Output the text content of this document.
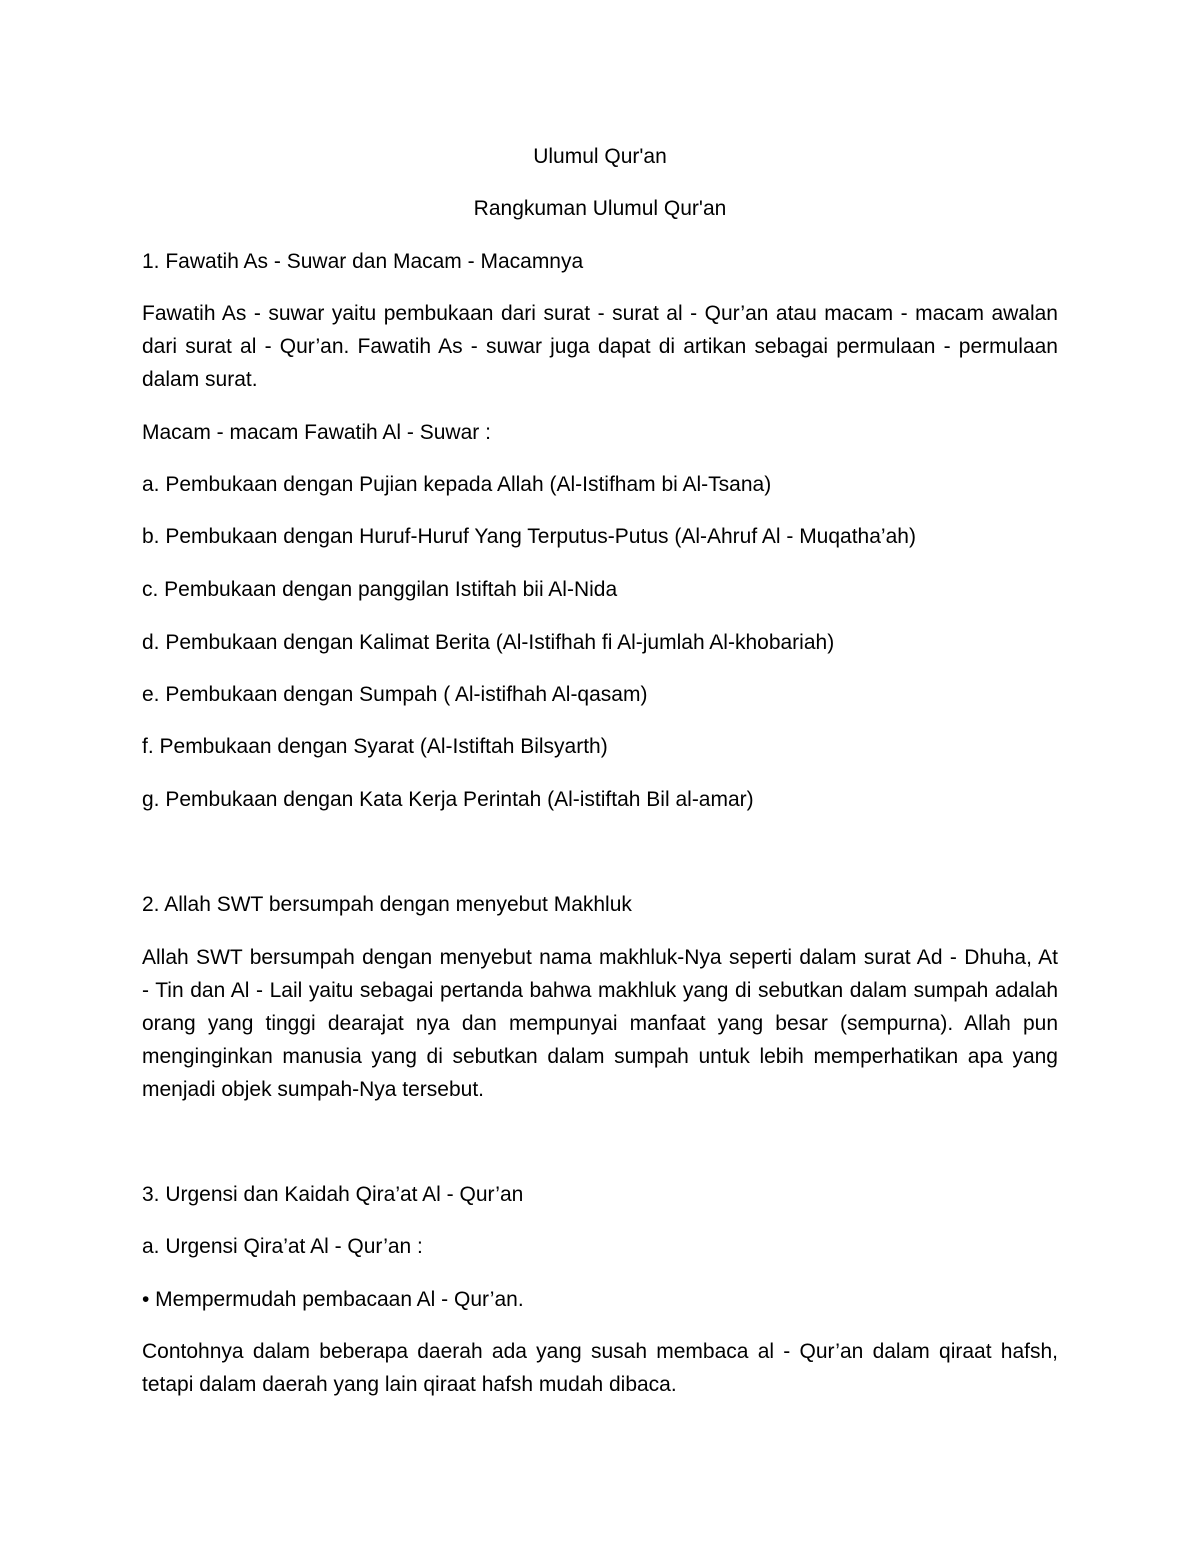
Ulumul Qur'an
Rangkuman Ulumul Qur'an
1. Fawatih As - Suwar dan Macam - Macamnya
Fawatih As - suwar yaitu pembukaan dari surat - surat al - Qur’an atau macam - macam awalan
dari surat al - Qur’an. Fawatih As - suwar juga dapat di artikan sebagai permulaan - permulaan
dalam surat.
Macam - macam Fawatih Al - Suwar :
a. Pembukaan dengan Pujian kepada Allah (Al-Istifham bi Al-Tsana)
b. Pembukaan dengan Huruf-Huruf Yang Terputus-Putus (Al-Ahruf Al - Muqatha’ah)
c. Pembukaan dengan panggilan Istiftah bii Al-Nida
d. Pembukaan dengan Kalimat Berita (Al-Istifhah fi Al-jumlah Al-khobariah)
e. Pembukaan dengan Sumpah ( Al-istifhah Al-qasam)
f. Pembukaan dengan Syarat (Al-Istiftah Bilsyarth)
g. Pembukaan dengan Kata Kerja Perintah (Al-istiftah Bil al-amar)
2. Allah SWT bersumpah dengan menyebut Makhluk
Allah SWT bersumpah dengan menyebut nama makhluk-Nya seperti dalam surat Ad - Dhuha, At
- Tin dan Al - Lail yaitu sebagai pertanda bahwa makhluk yang di sebutkan dalam sumpah adalah
orang yang tinggi dearajat nya dan mempunyai manfaat yang besar (sempurna). Allah pun
menginginkan manusia yang di sebutkan dalam sumpah untuk lebih memperhatikan apa yang
menjadi objek sumpah-Nya tersebut.
3. Urgensi dan Kaidah Qira’at Al - Qur’an
a. Urgensi Qira’at Al - Qur’an :
• Mempermudah pembacaan Al - Qur’an.
Contohnya dalam beberapa daerah ada yang susah membaca al - Qur’an dalam qiraat hafsh,
tetapi dalam daerah yang lain qiraat hafsh mudah dibaca.
